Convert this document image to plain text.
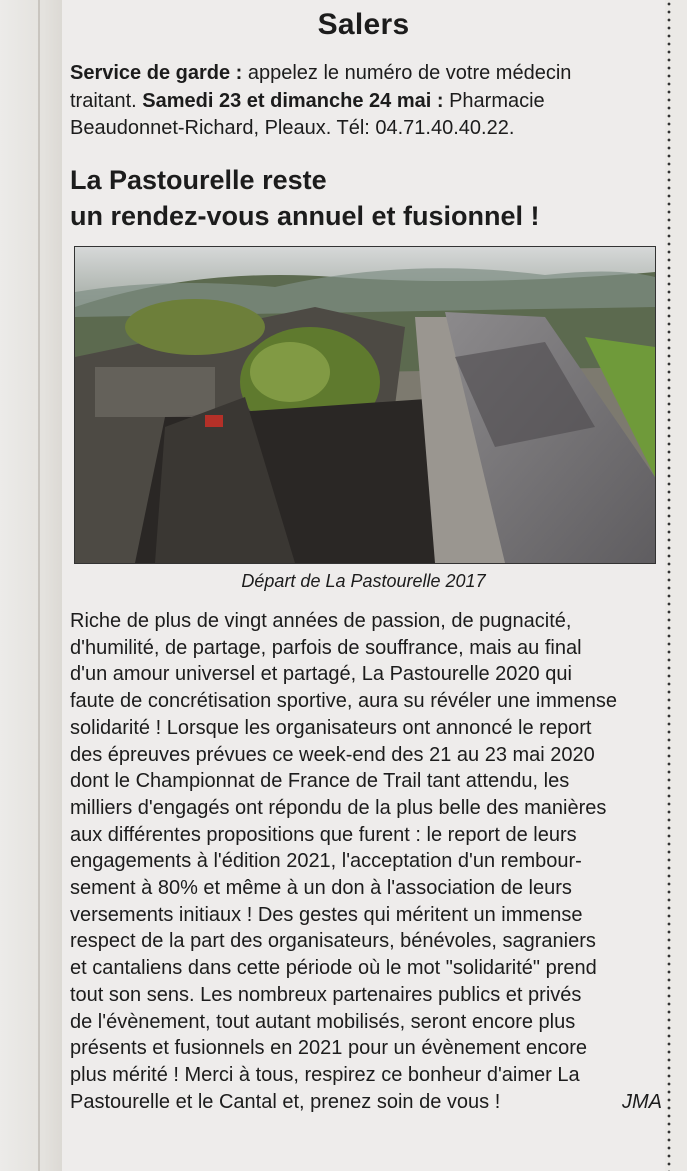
Salers
Service de garde : appelez le numéro de votre médecin
traitant. Samedi 23 et dimanche 24 mai : Pharmacie
Beaudonnet-Richard, Pleaux. Tél: 04.71.40.40.22.
La Pastourelle reste
un rendez-vous annuel et fusionnel !
Départ de La Pastourelle 2017
Riche de plus de vingt années de passion, de pugnacité,
d'humilité, de partage, parfois de souffrance, mais au final
d'un amour universel et partagé, La Pastourelle 2020 qui
faute de concrétisation sportive, aura su révéler une immense
solidarité ! Lorsque les organisateurs ont annoncé le report
des épreuves prévues ce week-end des 21 au 23 mai 2020
dont le Championnat de France de Trail tant attendu, les
milliers d'engagés ont répondu de la plus belle des manières
aux différentes propositions que furent : le report de leurs
engagements à l'édition 2021, l'acceptation d'un rembour-
sement à 80% et même à un don à l'association de leurs
versements initiaux ! Des gestes qui méritent un immense
respect de la part des organisateurs, bénévoles, sagraniers
et cantaliens dans cette période où le mot "solidarité" prend
tout son sens. Les nombreux partenaires publics et privés
de l'évènement, tout autant mobilisés, seront encore plus
présents et fusionnels en 2021 pour un évènement encore
plus mérité ! Merci à tous, respirez ce bonheur d'aimer La
Pastourelle et le Cantal et, prenez soin de vous !	JMA
